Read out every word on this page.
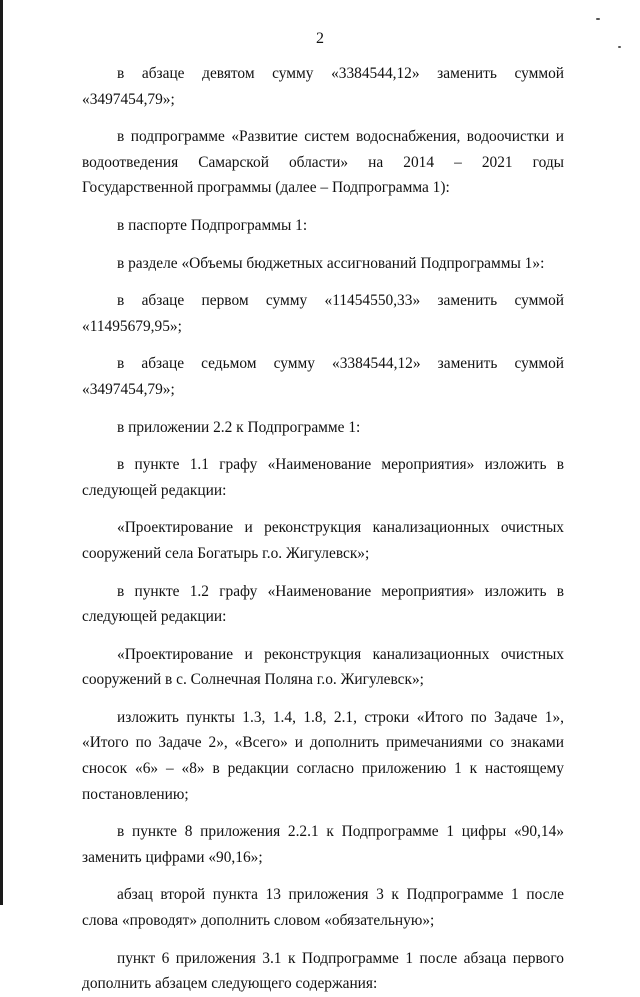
2

в абзаце девятом сумму «3384544,12» заменить суммой «3497454,79»;

в подпрограмме «Развитие систем водоснабжения, водоочистки и водоотведения Самарской области» на 2014 – 2021 годы Государственной программы (далее – Подпрограмма 1):

в паспорте Подпрограммы 1:

в разделе «Объемы бюджетных ассигнований Подпрограммы 1»:

в абзаце первом сумму «11454550,33» заменить суммой «11495679,95»;

в абзаце седьмом сумму «3384544,12» заменить суммой «3497454,79»;

в приложении 2.2 к Подпрограмме 1:

в пункте 1.1 графу «Наименование мероприятия» изложить в следующей редакции:

«Проектирование и реконструкция канализационных очистных сооружений села Богатырь г.о. Жигулевск»;

в пункте 1.2 графу «Наименование мероприятия» изложить в следующей редакции:

«Проектирование и реконструкция канализационных очистных сооружений в с. Солнечная Поляна г.о. Жигулевск»;

изложить пункты 1.3, 1.4, 1.8, 2.1, строки «Итого по Задаче 1», «Итого по Задаче 2», «Всего» и дополнить примечаниями со знаками сносок «6» – «8» в редакции согласно приложению 1 к настоящему постановлению;

в пункте 8 приложения 2.2.1 к Подпрограмме 1 цифры «90,14» заменить цифрами «90,16»;

абзац второй пункта 13 приложения 3 к Подпрограмме 1 после слова «проводят» дополнить словом «обязательную»;

пункт 6 приложения 3.1 к Подпрограмме 1 после абзаца первого дополнить абзацем следующего содержания:
